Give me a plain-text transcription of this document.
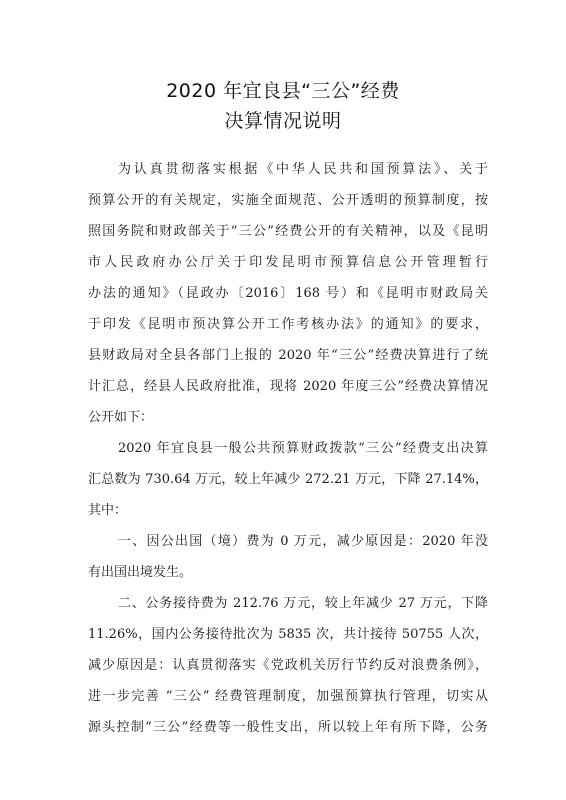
2020 年宜良县“三公”经费
决算情况说明
为认真贯彻落实根据《中华人民共和国预算法》、关于
预算公开的有关规定，实施全面规范、公开透明的预算制度，按
照国务院和财政部关于“三公”经费公开的有关精神，以及《昆明
市人民政府办公厅关于印发昆明市预算信息公开管理暂行
办法的通知》（昆政办〔2016〕168 号）和《昆明市财政局关
于印发《昆明市预决算公开工作考核办法》的通知》的要求，
县财政局对全县各部门上报的 2020 年“三公”经费决算进行了统
计汇总，经县人民政府批准，现将 2020 年度三公”经费决算情况
公开如下：
2020 年宜良县一般公共预算财政拨款“三公”经费支出决算
汇总数为 730.64 万元，较上年减少 272.21 万元，下降 27.14%，
其中：
一、因公出国（境）费为 0 万元，减少原因是：2020 年没
有出国出境发生。
二、公务接待费为 212.76 万元，较上年减少 27 万元，下降
11.26%，国内公务接待批次为 5835 次，共计接待 50755 人次，
减少原因是：认真贯彻落实《党政机关厉行节约反对浪费条例》，
进一步完善 “三公” 经费管理制度，加强预算执行管理，切实从
源头控制“三公”经费等一般性支出，所以较上年有所下降，公务
